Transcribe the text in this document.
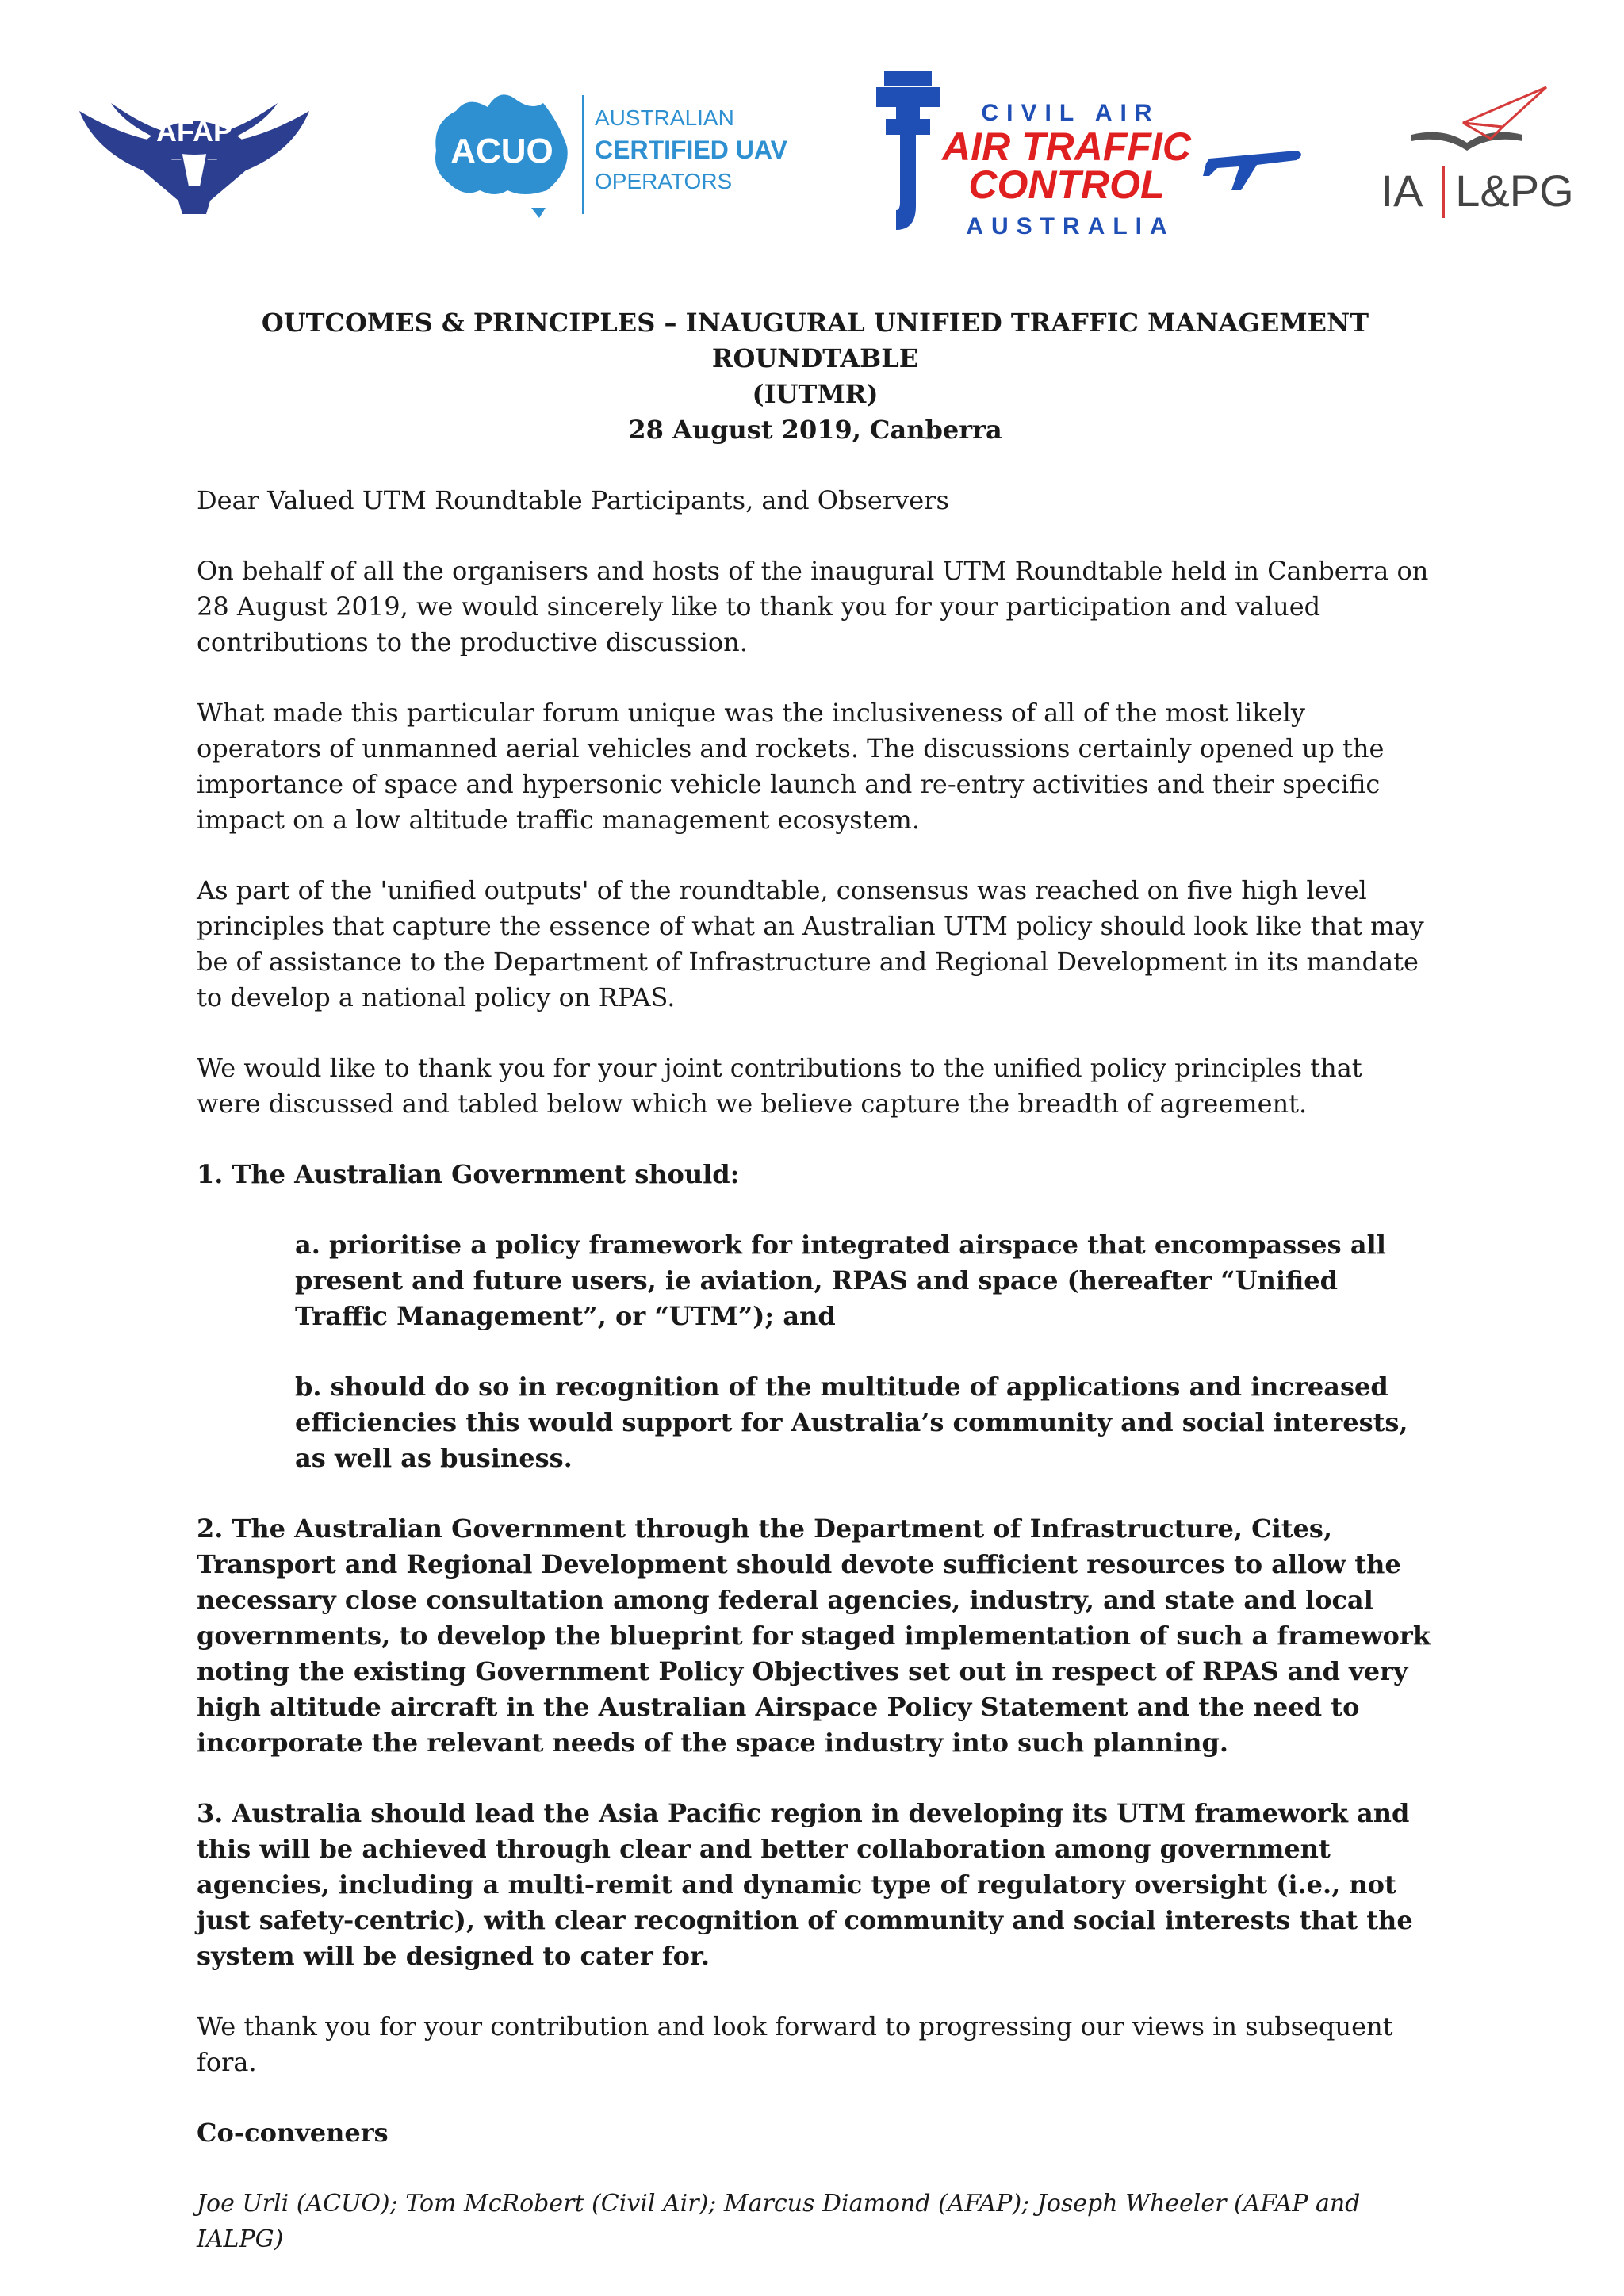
AFAP
— 1938 —	ACUO
AUSTRALIAN
CERTIFIED UAV
OPERATORS
CIVIL AIR
AIR TRAFFIC
CONTROL
AUSTRALIA
IA L&PG

OUTCOMES & PRINCIPLES – INAUGURAL UNIFIED TRAFFIC MANAGEMENT ROUNDTABLE

(IUTMR)

28 August 2019, Canberra

Dear Valued UTM Roundtable Participants, and Observers

On behalf of all the organisers and hosts of the inaugural UTM Roundtable held in Canberra on 28 August 2019, we would sincerely like to thank you for your participation and valued contributions to the productive discussion.

What made this particular forum unique was the inclusiveness of all of the most likely operators of unmanned aerial vehicles and rockets. The discussions certainly opened up the importance of space and hypersonic vehicle launch and re-entry activities and their specific impact on a low altitude traffic management ecosystem.

As part of the 'unified outputs' of the roundtable, consensus was reached on five high level principles that capture the essence of what an Australian UTM policy should look like that may be of assistance to the Department of Infrastructure and Regional Development in its mandate to develop a national policy on RPAS.

We would like to thank you for your joint contributions to the unified policy principles that were discussed and tabled below which we believe capture the breadth of agreement.

1. The Australian Government should:

a. prioritise a policy framework for integrated airspace that encompasses all present and future users, ie aviation, RPAS and space (hereafter “Unified Traffic Management”, or “UTM”); and

b. should do so in recognition of the multitude of applications and increased efficiencies this would support for Australia’s community and social interests, as well as business.

2. The Australian Government through the Department of Infrastructure, Cites, Transport and Regional Development should devote sufficient resources to allow the necessary close consultation among federal agencies, industry, and state and local governments, to develop the blueprint for staged implementation of such a framework noting the existing Government Policy Objectives set out in respect of RPAS and very high altitude aircraft in the Australian Airspace Policy Statement and the need to incorporate the relevant needs of the space industry into such planning.

3. Australia should lead the Asia Pacific region in developing its UTM framework and this will be achieved through clear and better collaboration among government agencies, including a multi-remit and dynamic type of regulatory oversight (i.e., not just safety-centric), with clear recognition of community and social interests that the system will be designed to cater for.

We thank you for your contribution and look forward to progressing our views in subsequent fora.

Co-conveners

Joe Urli (ACUO); Tom McRobert (Civil Air); Marcus Diamond (AFAP); Joseph Wheeler (AFAP and IALPG)
